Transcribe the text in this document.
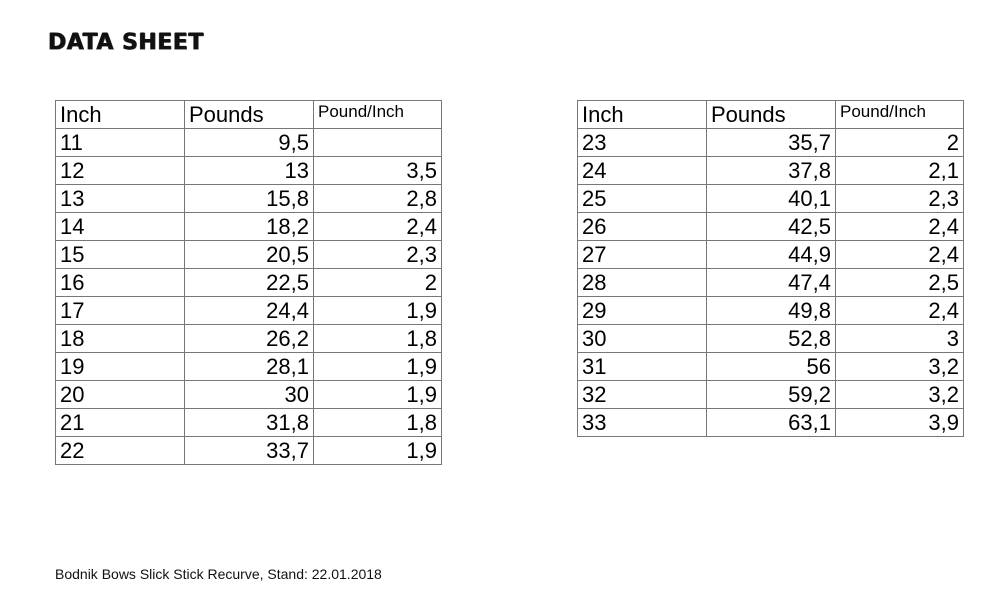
DATA SHEET
Inch	Pounds	Pound/Inch
11	9,5	
12	13	3,5
13	15,8	2,8
14	18,2	2,4
15	20,5	2,3
16	22,5	2
17	24,4	1,9
18	26,2	1,8
19	28,1	1,9
20	30	1,9
21	31,8	1,8
22	33,7	1,9
Inch	Pounds	Pound/Inch
23	35,7	2
24	37,8	2,1
25	40,1	2,3
26	42,5	2,4
27	44,9	2,4
28	47,4	2,5
29	49,8	2,4
30	52,8	3
31	56	3,2
32	59,2	3,2
33	63,1	3,9
Bodnik Bows Slick Stick Recurve, Stand: 22.01.2018
